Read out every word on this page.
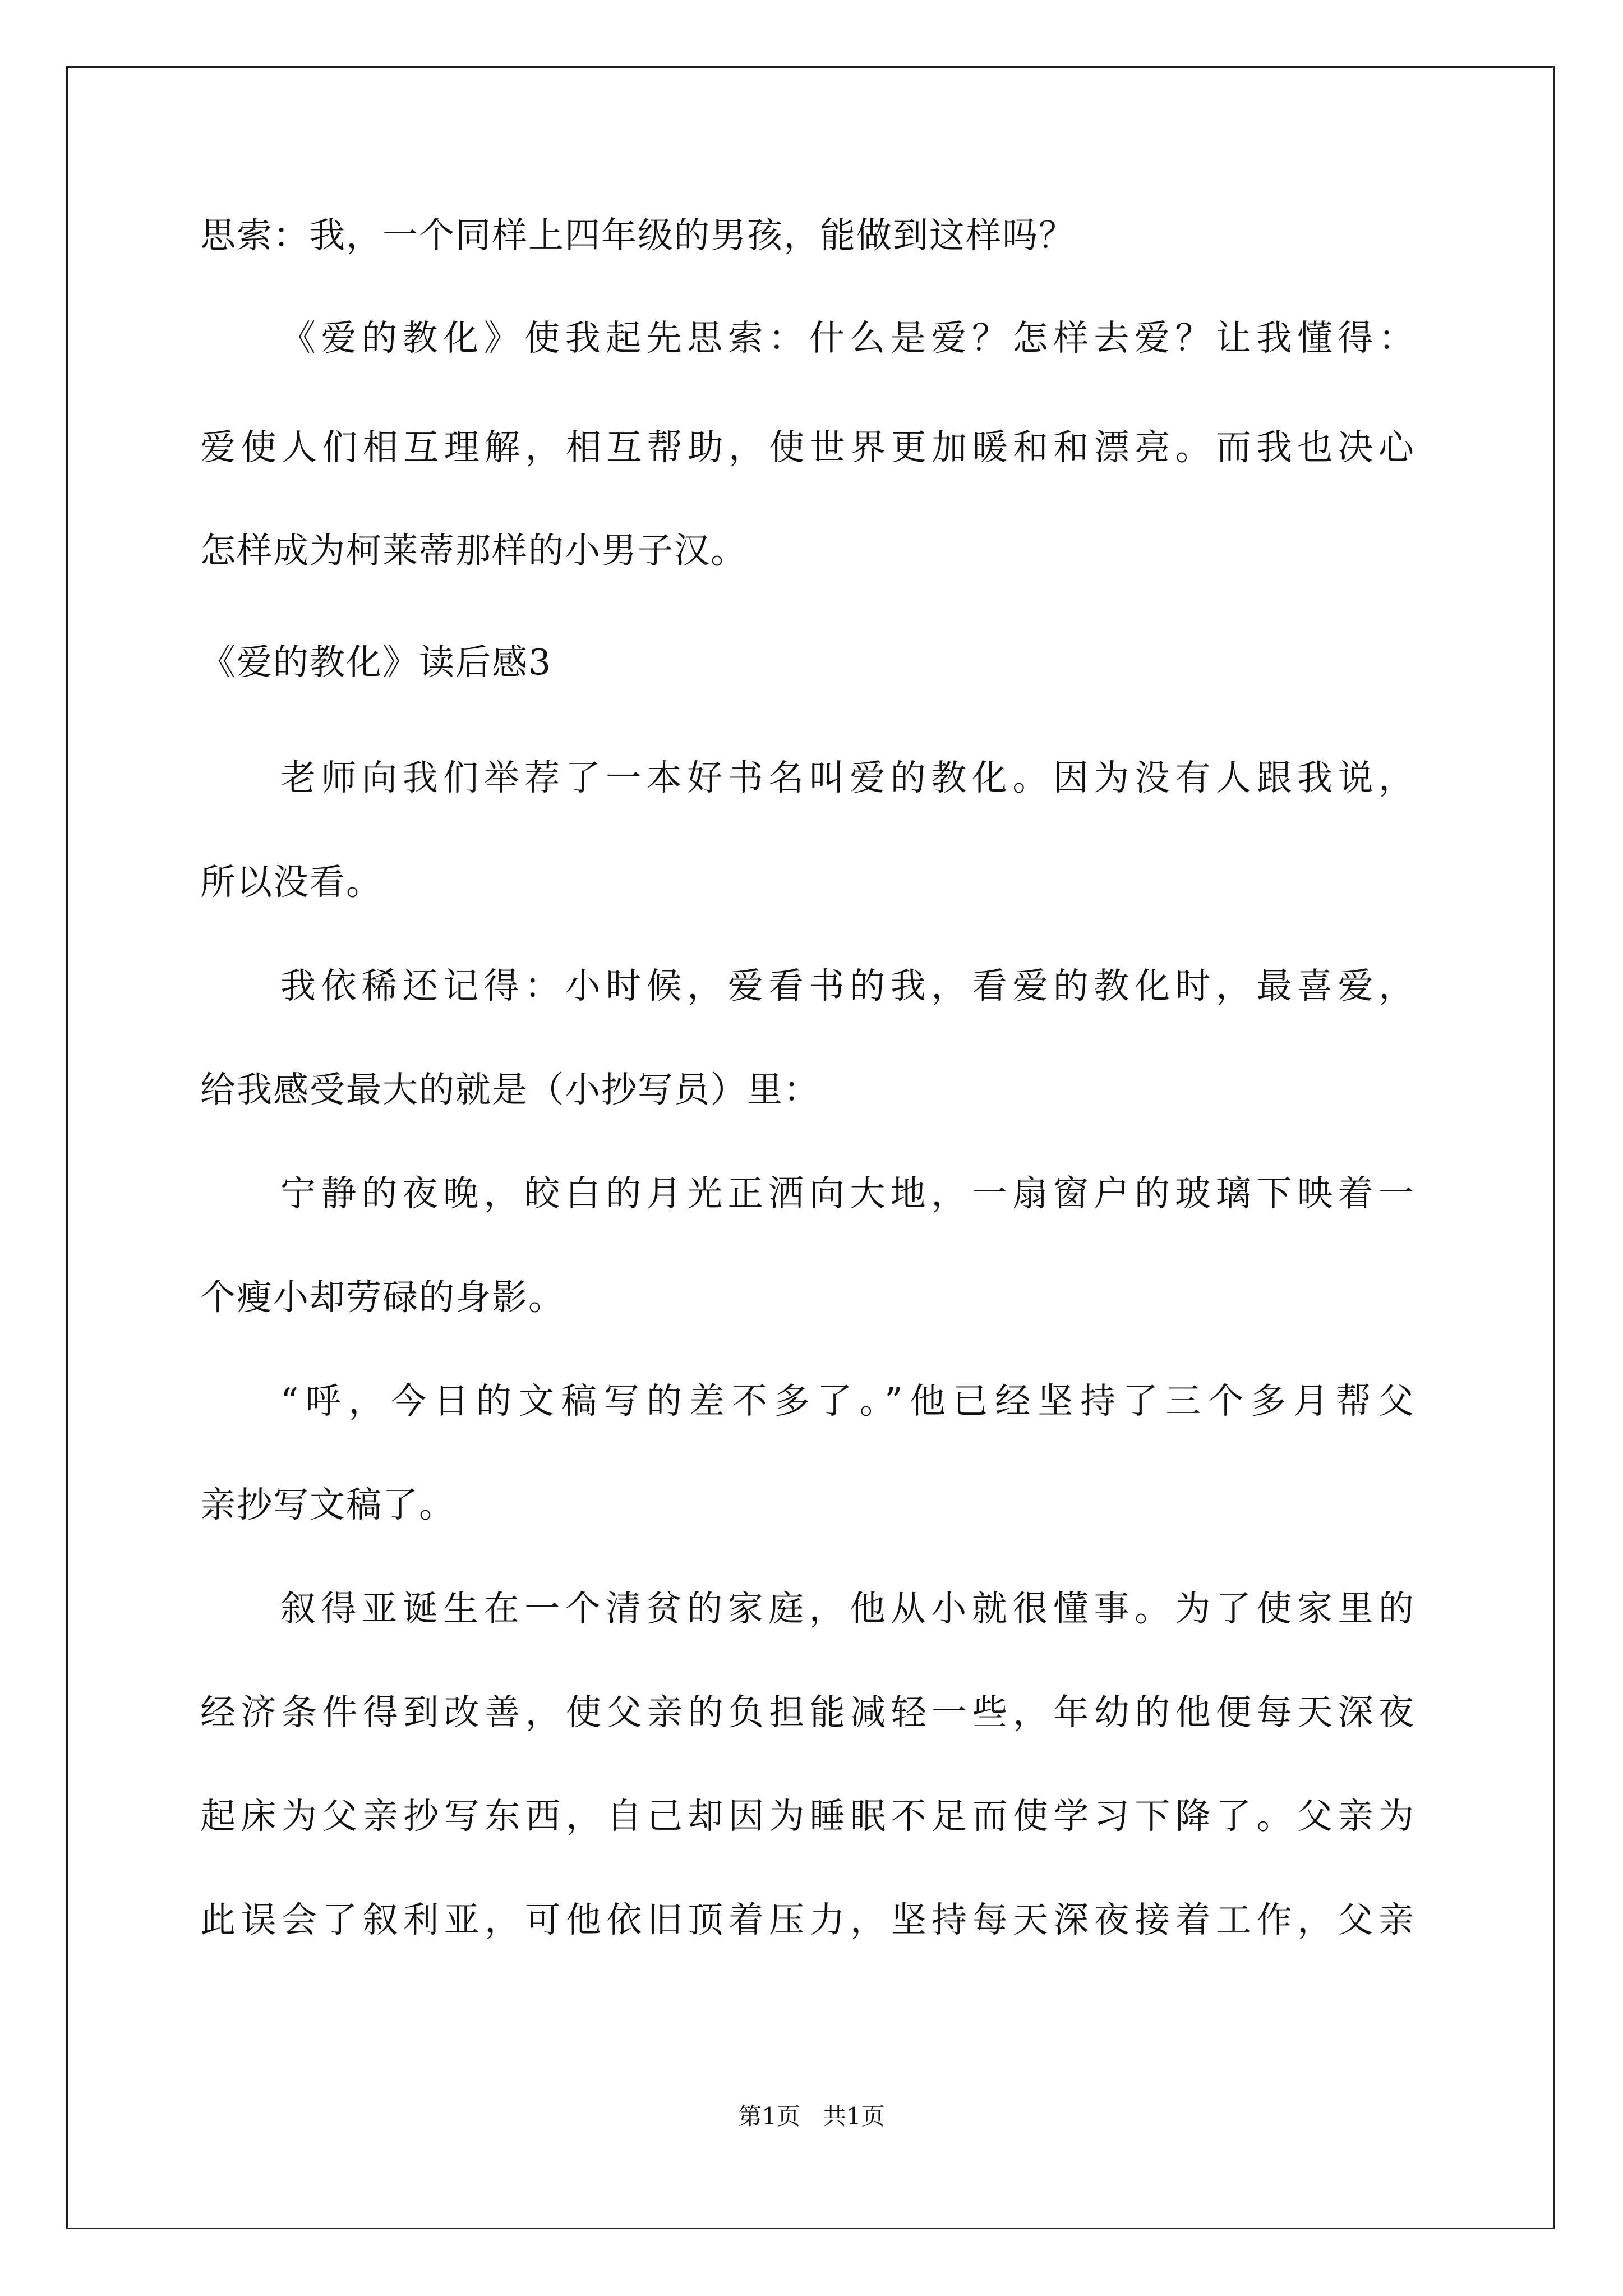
思索：我，一个同样上四年级的男孩，能做到这样吗？
《爱的教化》使我起先思索：什么是爱？怎样去爱？让我懂得：
爱使人们相互理解，相互帮助，使世界更加暖和和漂亮。而我也决心
怎样成为柯莱蒂那样的小男子汉。
《爱的教化》读后感3
老师向我们举荐了一本好书名叫爱的教化。因为没有人跟我说，
所以没看。
我依稀还记得：小时候，爱看书的我，看爱的教化时，最喜爱，
给我感受最大的就是（小抄写员）里：
宁静的夜晚，皎白的月光正洒向大地，一扇窗户的玻璃下映着一
个瘦小却劳碌的身影。
“呼，今日的文稿写的差不多了。”他已经坚持了三个多月帮父
亲抄写文稿了。
叙得亚诞生在一个清贫的家庭，他从小就很懂事。为了使家里的
经济条件得到改善，使父亲的负担能减轻一些，年幼的他便每天深夜
起床为父亲抄写东西，自己却因为睡眠不足而使学习下降了。父亲为
此误会了叙利亚，可他依旧顶着压力，坚持每天深夜接着工作，父亲
第1页   共1页
